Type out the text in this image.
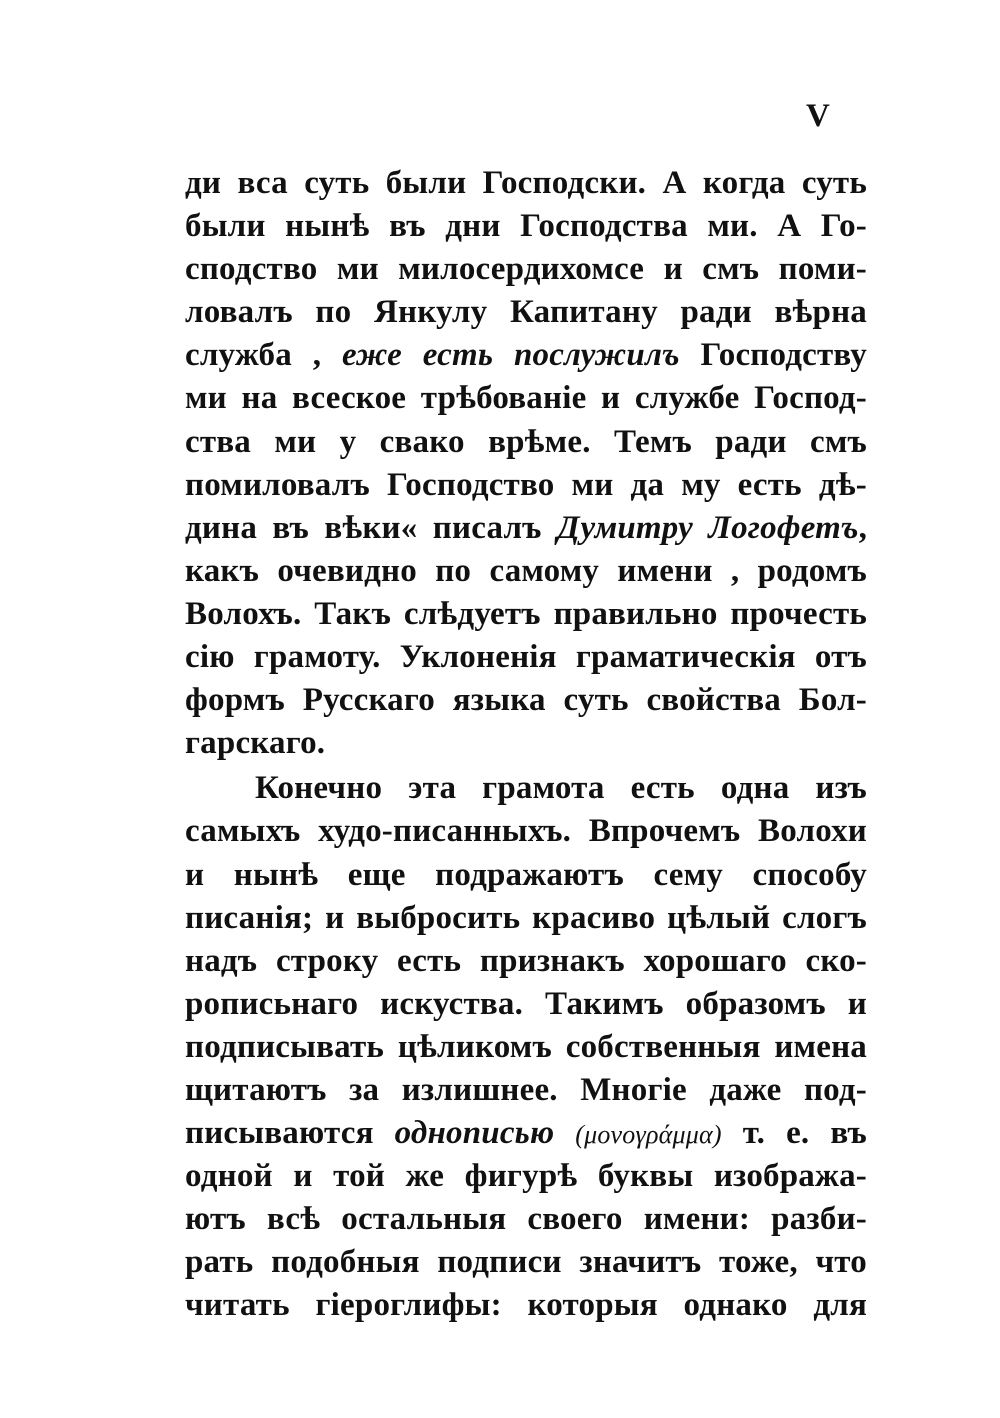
V
ди вса суть были Господски. А когда суть
были нынѣ въ дни Господства ми. А Го-
сподство ми милосердихомсе и смъ поми-
ловалъ по Янкулу Капитану ради вѣрна
служба , еже есть послужилъ Господству
ми на всеское трѣбованіе и службе Господ-
ства ми у свако врѣме. Темъ ради смъ
помиловалъ Господство ми да му есть дѣ-
дина въ вѣки« писалъ Думитру Логофетъ,
какъ очевидно по самому имени , родомъ
Волохъ. Такъ слѣдуетъ правильно прочесть
сію грамоту. Уклоненія граматическія отъ
формъ Русскаго языка суть свойства Бол-
гарскаго.
Конечно эта грамота есть одна изъ
самыхъ худо-писанныхъ. Впрочемъ Волохи
и нынѣ еще подражаютъ сему способу
писанія; и выбросить красиво цѣлый слогъ
надъ строку есть признакъ хорошаго ско-
рописьнаго искуства. Такимъ образомъ и
подписывать цѣликомъ собственныя имена
щитаютъ за излишнее. Многіе даже под-
писываются однописью (μονογράμμα) т. е. въ
одной и той же фигурѣ буквы изобража-
ютъ всѣ остальныя своего имени: разби-
рать подобныя подписи значитъ тоже, что
читать гіероглифы: которыя однако для
